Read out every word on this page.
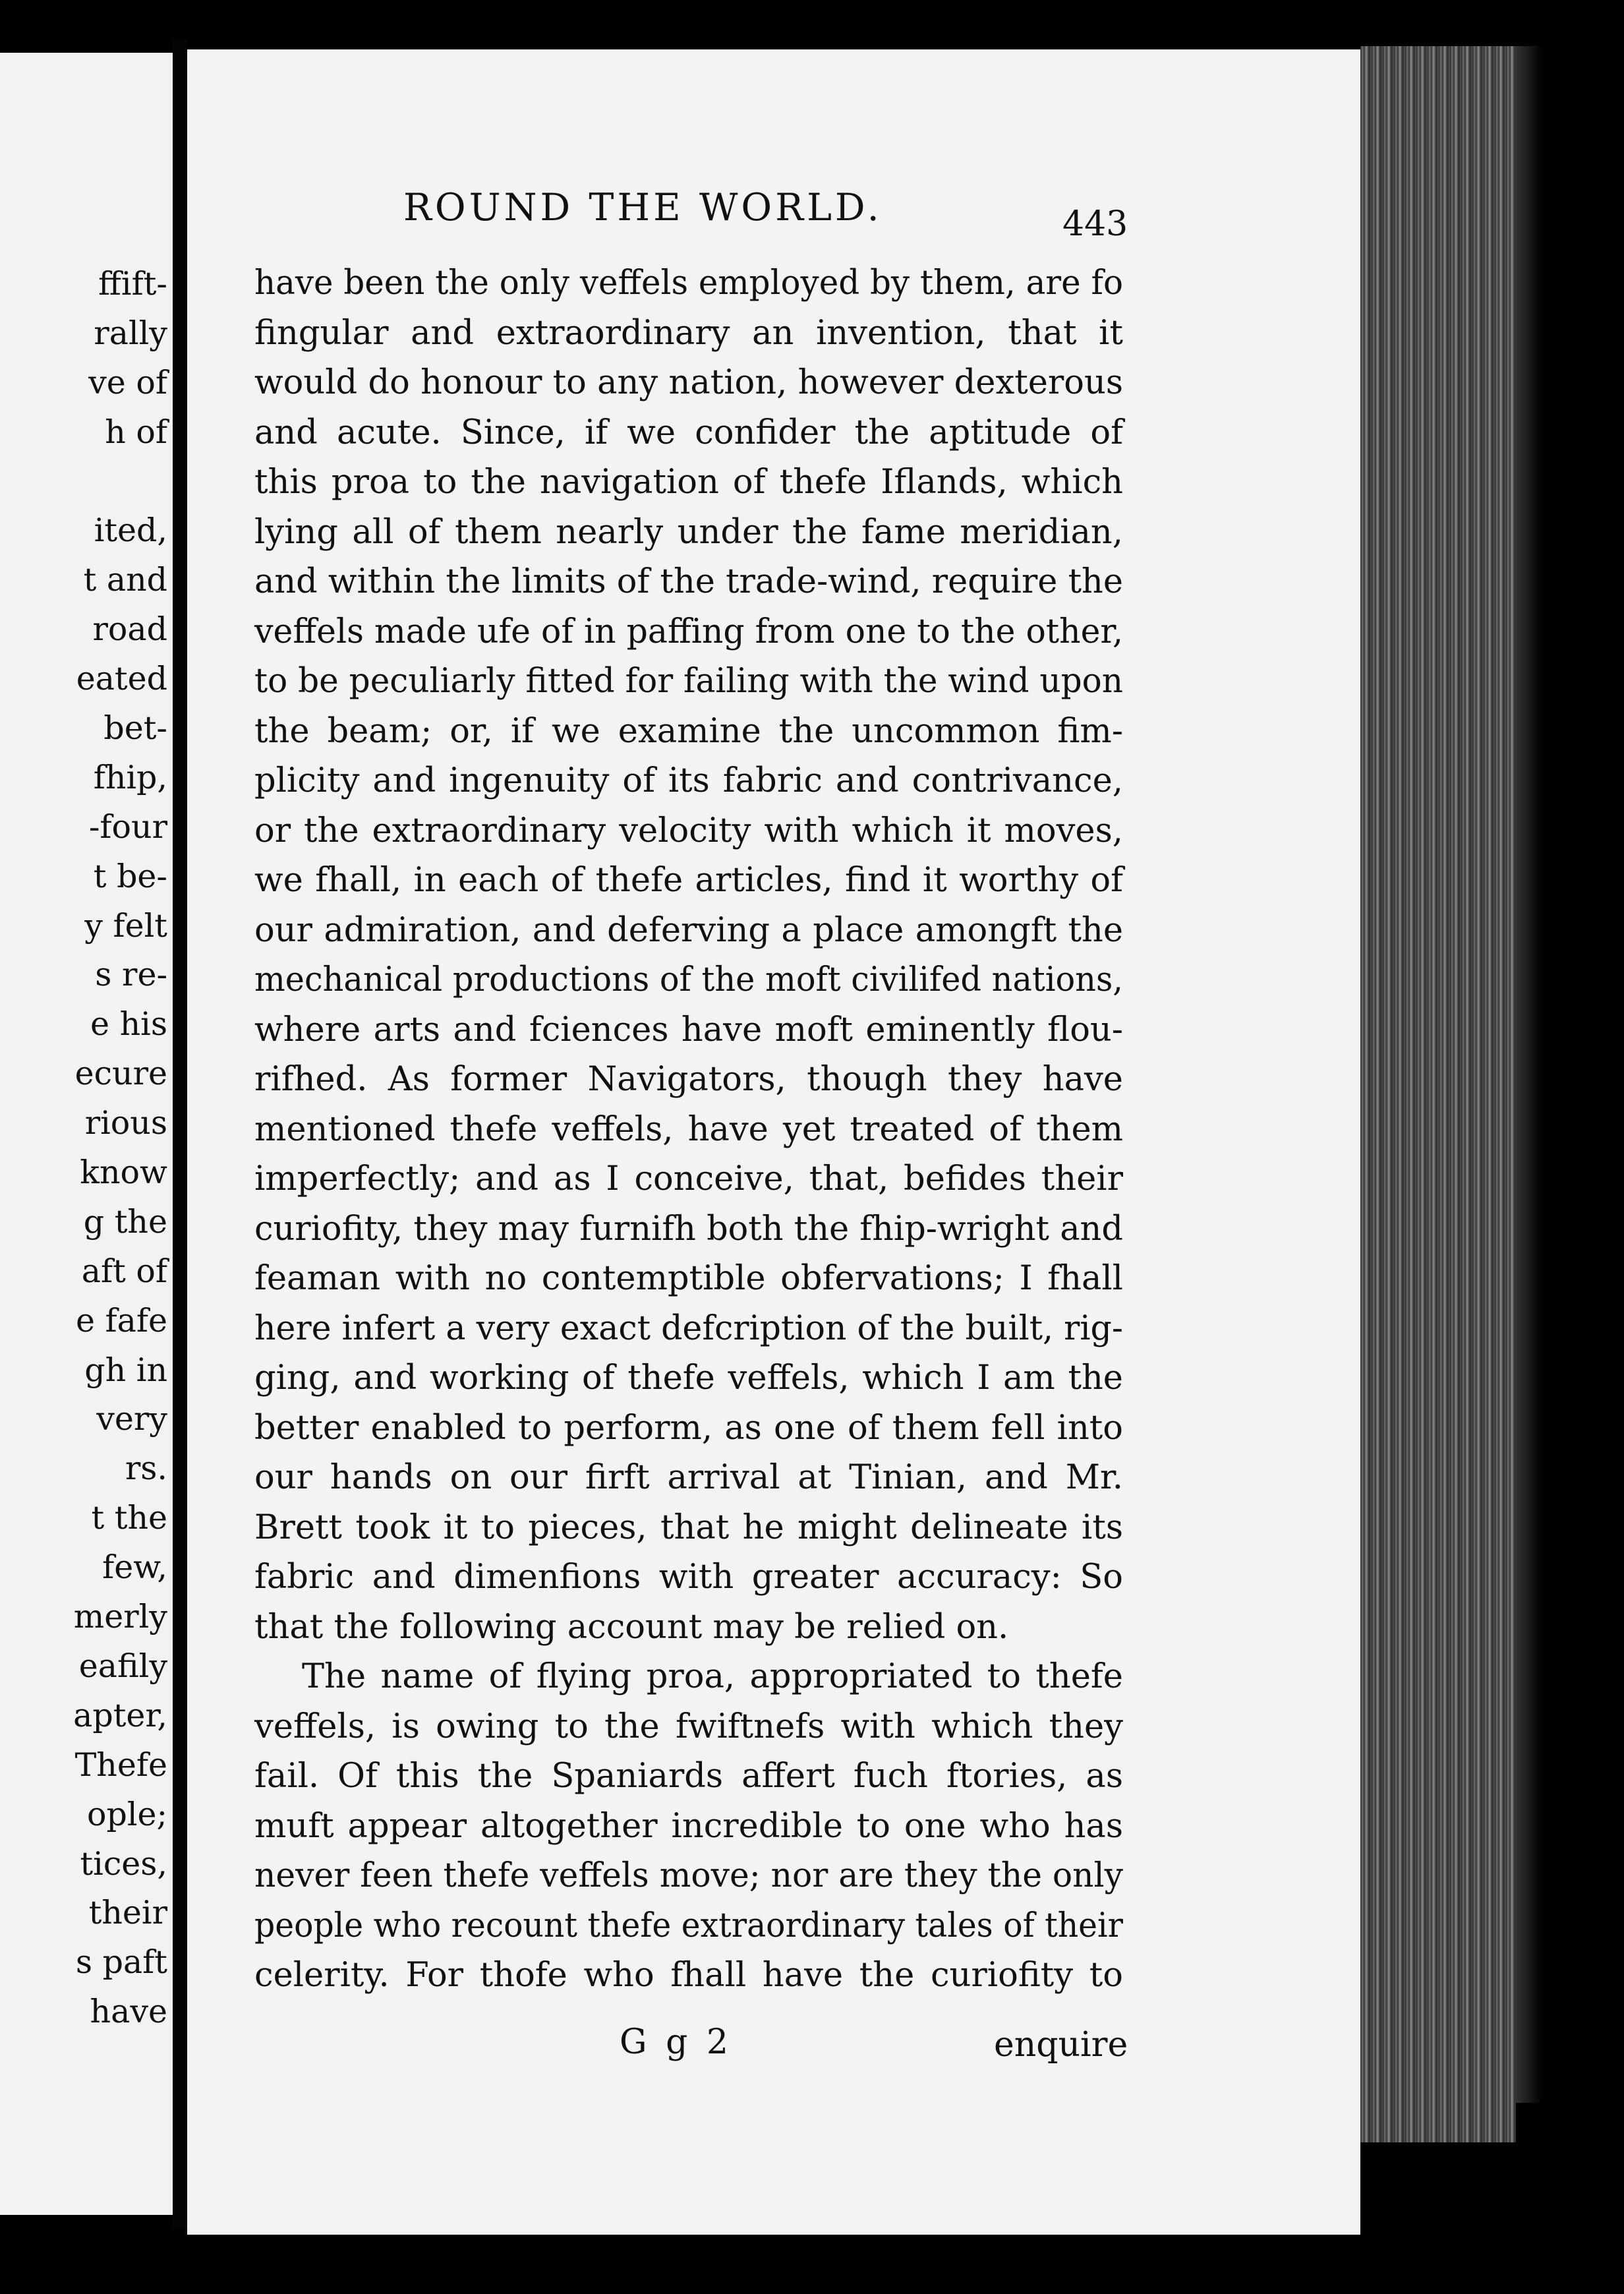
ffift-
rally
ve of
h of
ited,
t and
road
eated
bet-
fhip,
-four
t be-
y felt
s re-
e his
ecure
rious
know
g the
aft of
e fafe
gh in
very
rs.
t the
few,
merly
eafily
apter,
Thefe
ople;
tices,
their
s paft
have
ROUND THE WORLD.	443
have been the only veffels employed by them, are fo
fingular and extraordinary an invention, that it
would do honour to any nation, however dexterous
and acute. Since, if we confider the aptitude of
this proa to the navigation of thefe Iflands, which
lying all of them nearly under the fame meridian,
and within the limits of the trade-wind, require the
veffels made ufe of in paffing from one to the other,
to be peculiarly fitted for failing with the wind upon
the beam; or, if we examine the uncommon fim-
plicity and ingenuity of its fabric and contrivance,
or the extraordinary velocity with which it moves,
we fhall, in each of thefe articles, find it worthy of
our admiration, and deferving a place amongft the
mechanical productions of the moft civilifed nations,
where arts and fciences have moft eminently flou-
rifhed. As former Navigators, though they have
mentioned thefe veffels, have yet treated of them
imperfectly; and as I conceive, that, befides their
curiofity, they may furnifh both the fhip-wright and
feaman with no contemptible obfervations; I fhall
here infert a very exact defcription of the built, rig-
ging, and working of thefe veffels, which I am the
better enabled to perform, as one of them fell into
our hands on our firft arrival at Tinian, and Mr.
Brett took it to pieces, that he might delineate its
fabric and dimenfions with greater accuracy: So
that the following account may be relied on.
The name of flying proa, appropriated to thefe
veffels, is owing to the fwiftnefs with which they
fail. Of this the Spaniards affert fuch ftories, as
muft appear altogether incredible to one who has
never feen thefe veffels move; nor are they the only
people who recount thefe extraordinary tales of their
celerity. For thofe who fhall have the curiofity to
G g 2	enquire
